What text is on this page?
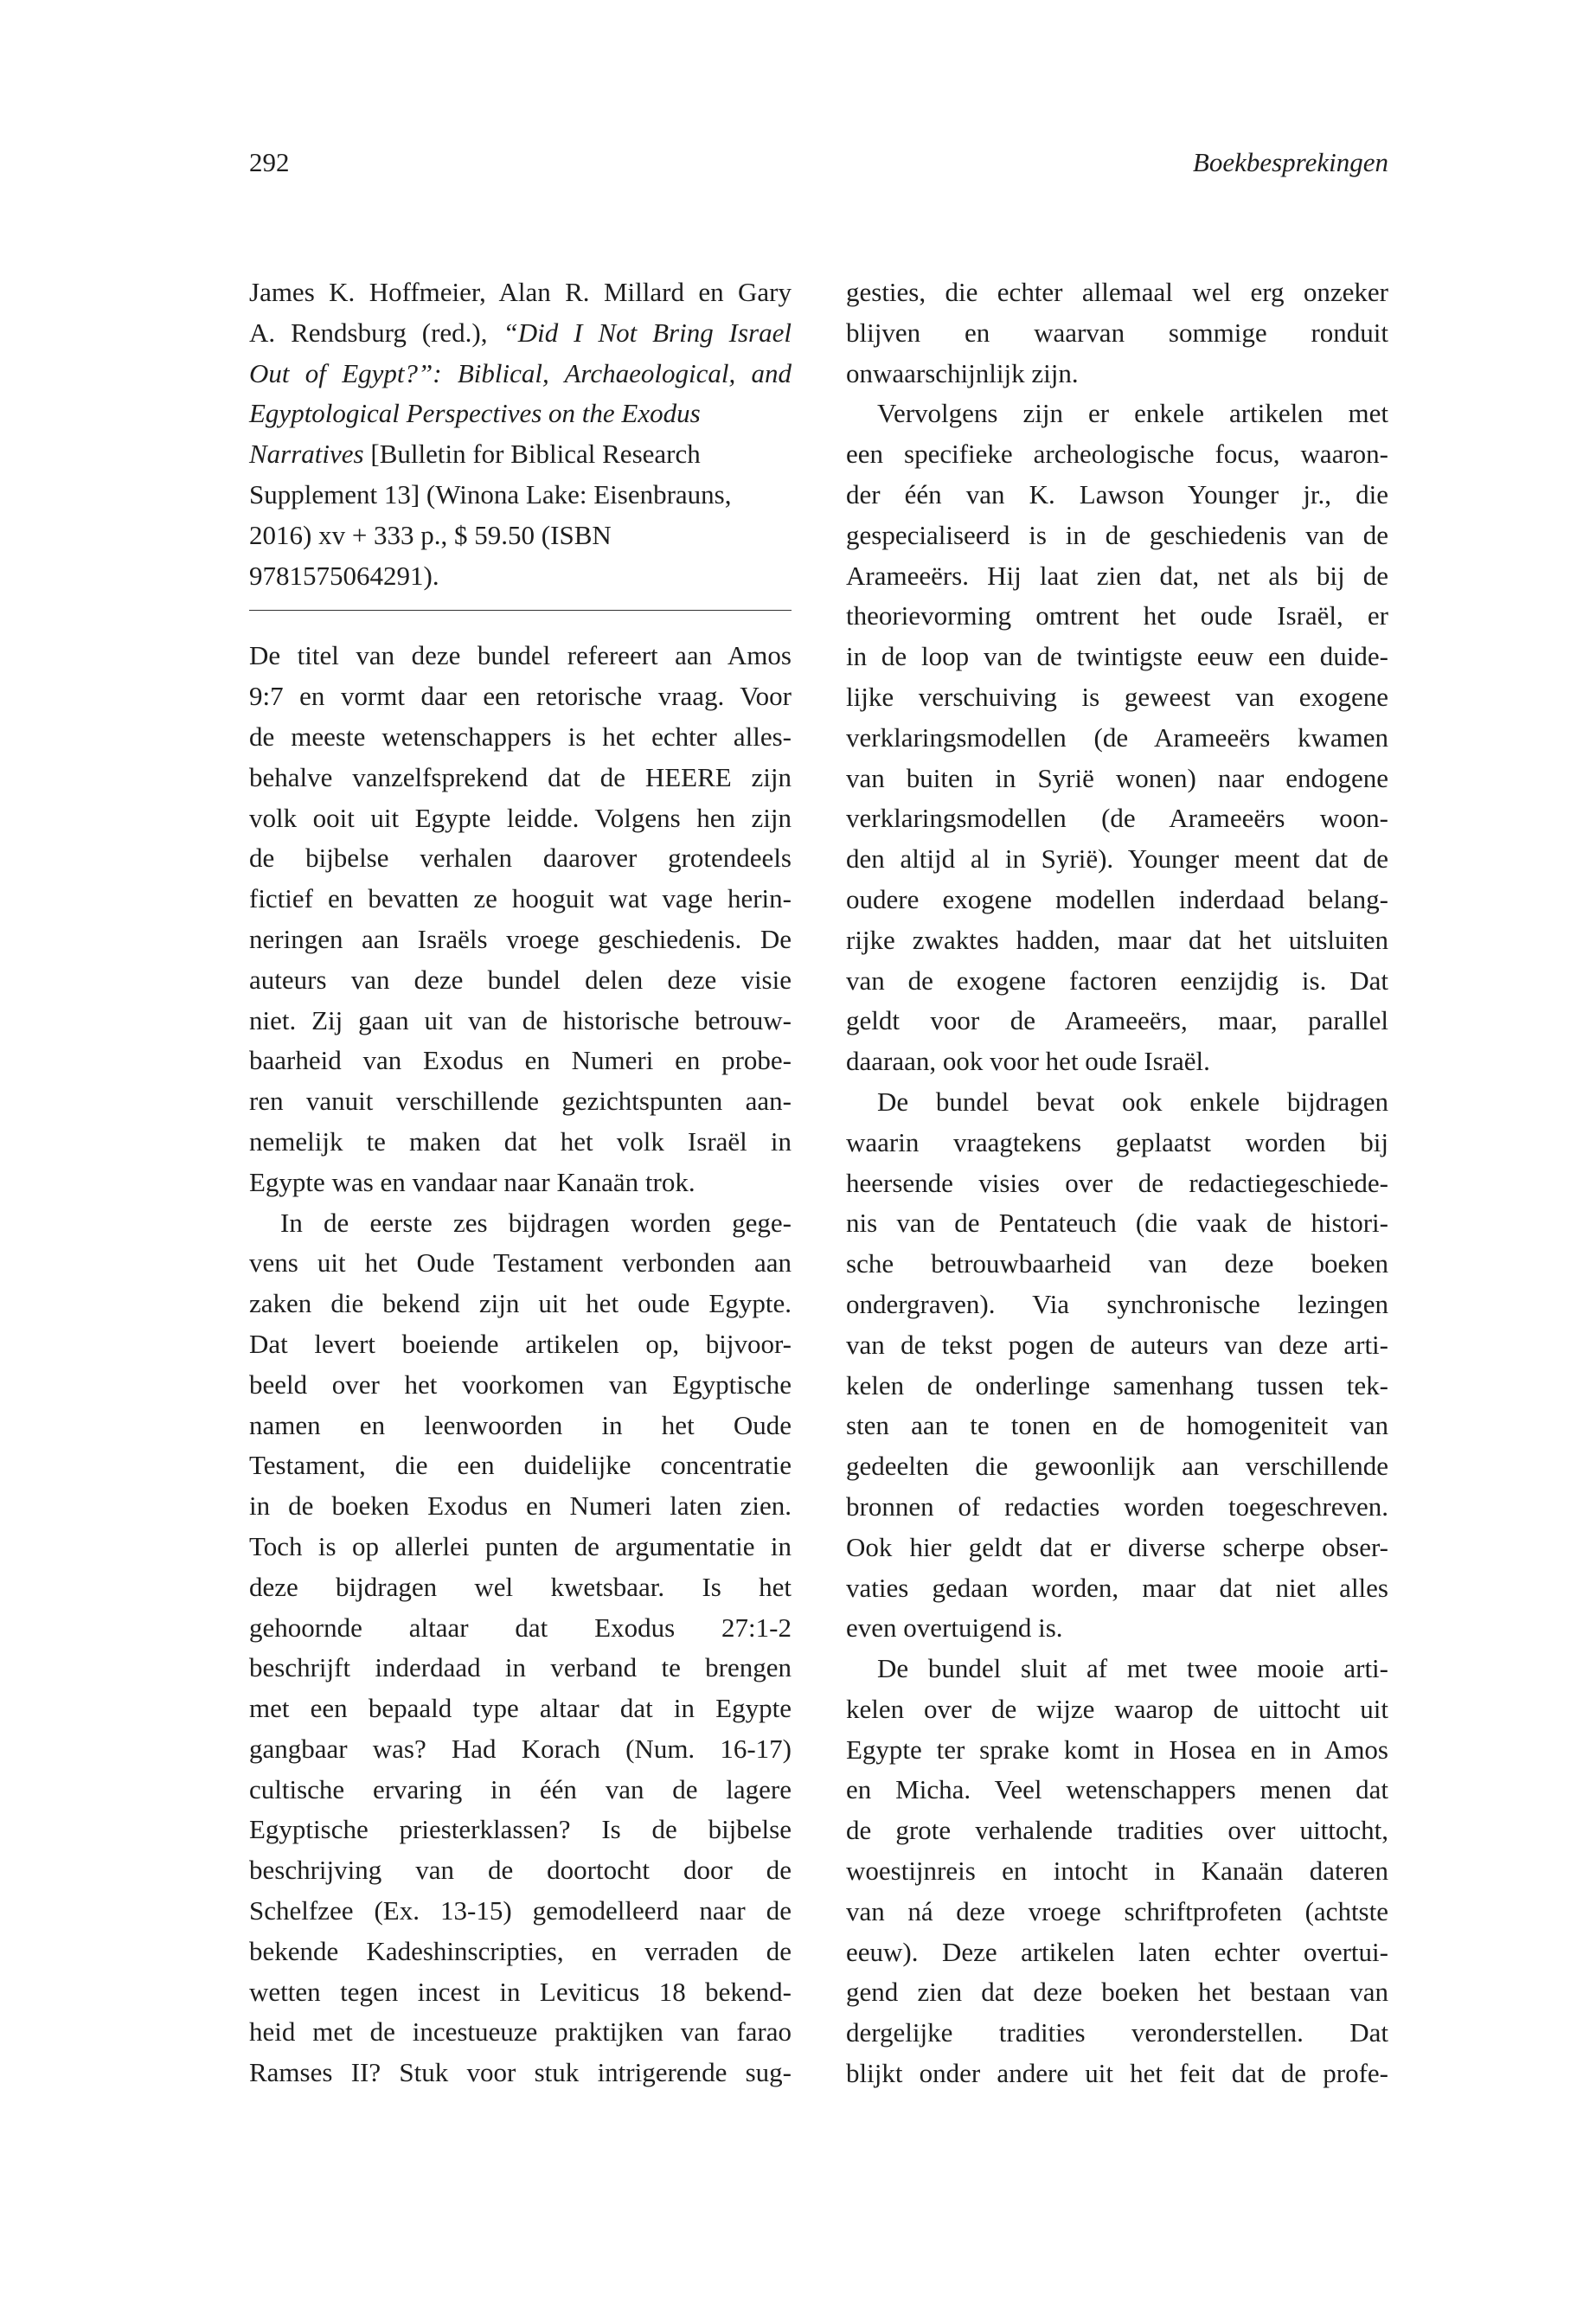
292	Boekbesprekingen
James K. Hoffmeier, Alan R. Millard en Gary
A. Rendsburg (red.), “Did I Not Bring Israel
Out of Egypt?”: Biblical, Archaeological, and
Egyptological Perspectives on the Exodus
Narratives [Bulletin for Biblical Research
Supplement 13] (Winona Lake: Eisenbrauns,
2016) xv + 333 p., $ 59.50 (ISBN
9781575064291).
De titel van deze bundel refereert aan Amos
9:7 en vormt daar een retorische vraag. Voor
de meeste wetenschappers is het echter alles-
behalve vanzelfsprekend dat de HEERE zijn
volk ooit uit Egypte leidde. Volgens hen zijn
de bijbelse verhalen daarover grotendeels
fictief en bevatten ze hooguit wat vage herin-
neringen aan Israëls vroege geschiedenis. De
auteurs van deze bundel delen deze visie
niet. Zij gaan uit van de historische betrouw-
baarheid van Exodus en Numeri en probe-
ren vanuit verschillende gezichtspunten aan-
nemelijk te maken dat het volk Israël in
Egypte was en vandaar naar Kanaän trok.
In de eerste zes bijdragen worden gege-
vens uit het Oude Testament verbonden aan
zaken die bekend zijn uit het oude Egypte.
Dat levert boeiende artikelen op, bijvoor-
beeld over het voorkomen van Egyptische
namen en leenwoorden in het Oude
Testament, die een duidelijke concentratie
in de boeken Exodus en Numeri laten zien.
Toch is op allerlei punten de argumentatie in
deze bijdragen wel kwetsbaar. Is het
gehoornde altaar dat Exodus 27:1-2
beschrijft inderdaad in verband te brengen
met een bepaald type altaar dat in Egypte
gangbaar was? Had Korach (Num. 16-17)
cultische ervaring in één van de lagere
Egyptische priesterklassen? Is de bijbelse
beschrijving van de doortocht door de
Schelfzee (Ex. 13-15) gemodelleerd naar de
bekende Kadeshinscripties, en verraden de
wetten tegen incest in Leviticus 18 bekend-
heid met de incestueuze praktijken van farao
Ramses II? Stuk voor stuk intrigerende sug-
gesties, die echter allemaal wel erg onzeker
blijven en waarvan sommige ronduit
onwaarschijnlijk zijn.
Vervolgens zijn er enkele artikelen met
een specifieke archeologische focus, waaron-
der één van K. Lawson Younger jr., die
gespecialiseerd is in de geschiedenis van de
Arameeërs. Hij laat zien dat, net als bij de
theorievorming omtrent het oude Israël, er
in de loop van de twintigste eeuw een duide-
lijke verschuiving is geweest van exogene
verklaringsmodellen (de Arameeërs kwamen
van buiten in Syrië wonen) naar endogene
verklaringsmodellen (de Arameeërs woon-
den altijd al in Syrië). Younger meent dat de
oudere exogene modellen inderdaad belang-
rijke zwaktes hadden, maar dat het uitsluiten
van de exogene factoren eenzijdig is. Dat
geldt voor de Arameeërs, maar, parallel
daaraan, ook voor het oude Israël.
De bundel bevat ook enkele bijdragen
waarin vraagtekens geplaatst worden bij
heersende visies over de redactiegeschiede-
nis van de Pentateuch (die vaak de histori-
sche betrouwbaarheid van deze boeken
ondergraven). Via synchronische lezingen
van de tekst pogen de auteurs van deze arti-
kelen de onderlinge samenhang tussen tek-
sten aan te tonen en de homogeniteit van
gedeelten die gewoonlijk aan verschillende
bronnen of redacties worden toegeschreven.
Ook hier geldt dat er diverse scherpe obser-
vaties gedaan worden, maar dat niet alles
even overtuigend is.
De bundel sluit af met twee mooie arti-
kelen over de wijze waarop de uittocht uit
Egypte ter sprake komt in Hosea en in Amos
en Micha. Veel wetenschappers menen dat
de grote verhalende tradities over uittocht,
woestijnreis en intocht in Kanaän dateren
van ná deze vroege schriftprofeten (achtste
eeuw). Deze artikelen laten echter overtui-
gend zien dat deze boeken het bestaan van
dergelijke tradities veronderstellen. Dat
blijkt onder andere uit het feit dat de profe-
